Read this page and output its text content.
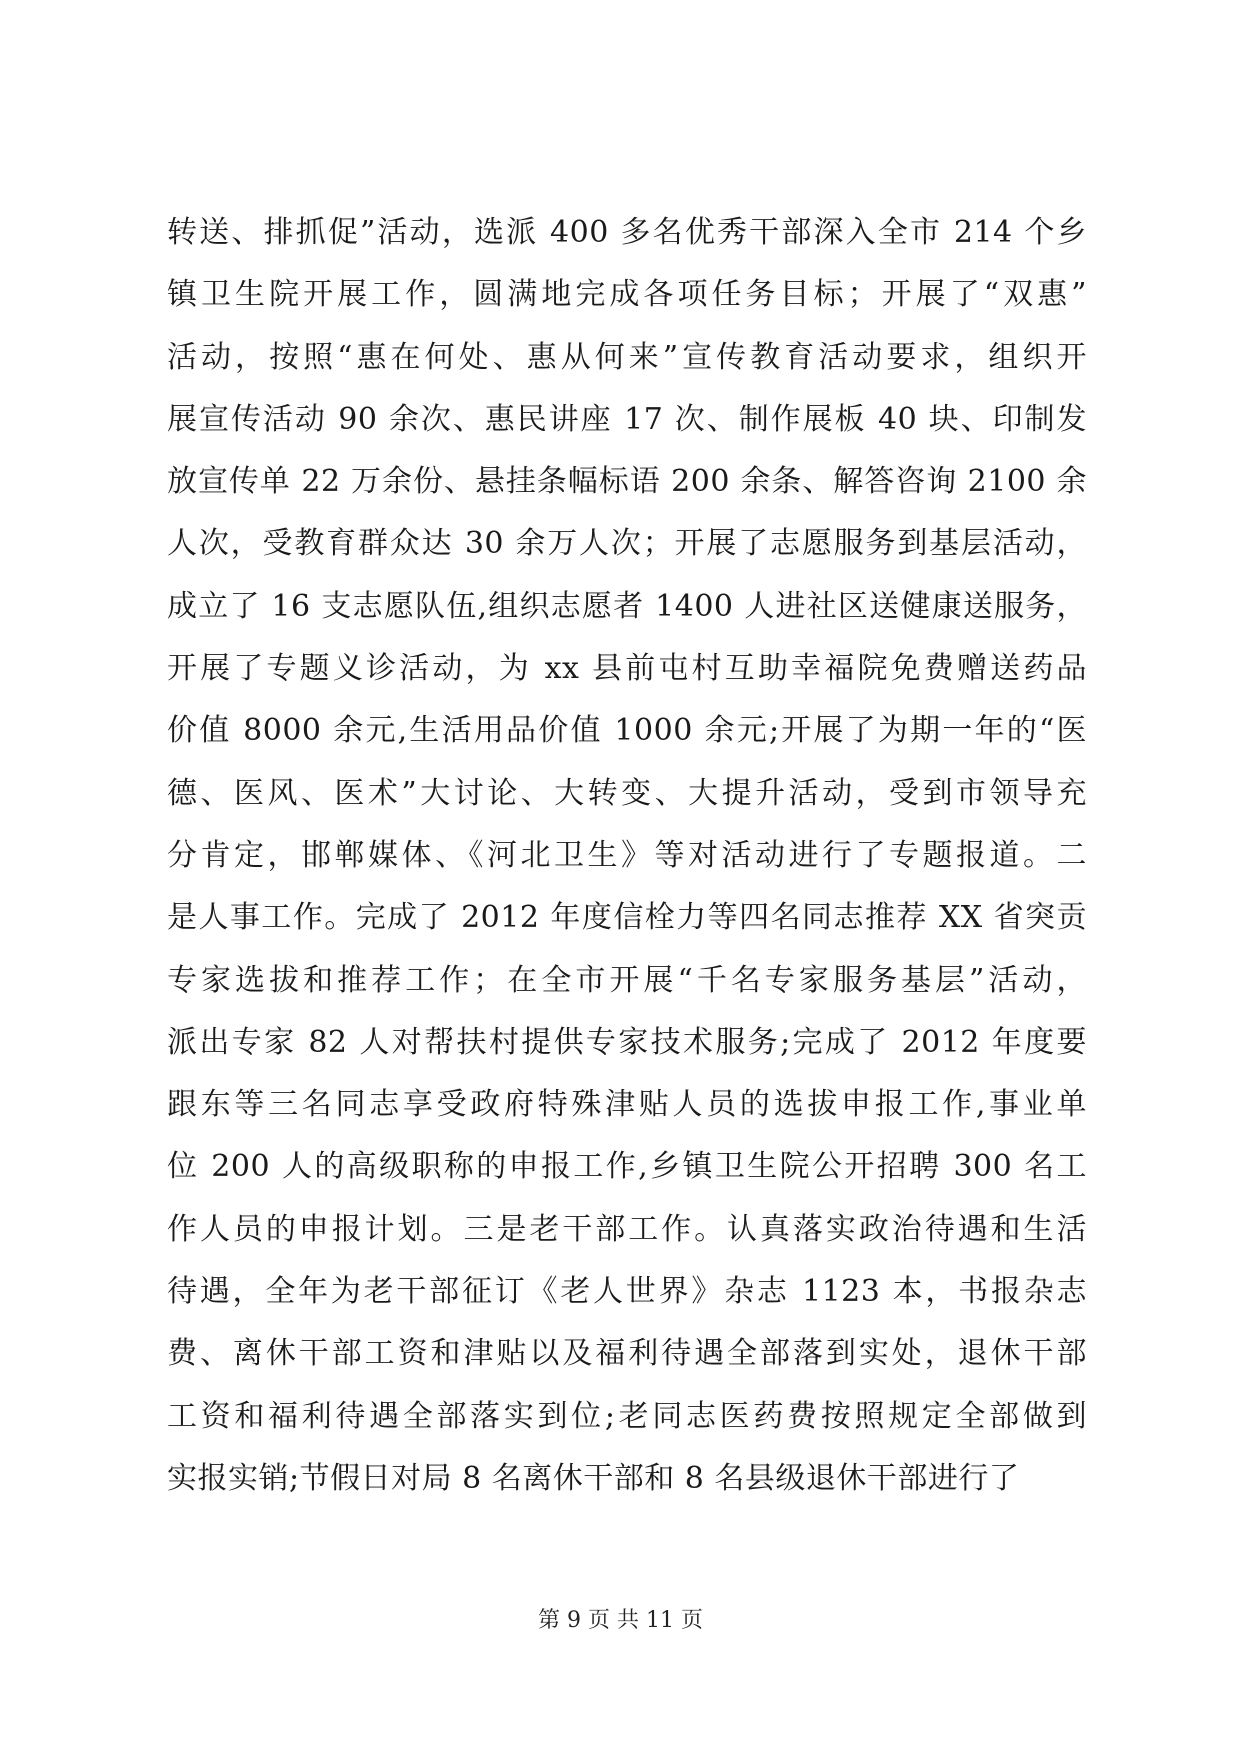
转送、排抓促”活动，选派 400 多名优秀干部深入全市 214 个乡
镇卫生院开展工作，圆满地完成各项任务目标；开展了“双惠”
活动，按照“惠在何处、惠从何来”宣传教育活动要求，组织开
展宣传活动 90 余次、惠民讲座 17 次、制作展板 40 块、印制发
放宣传单 22 万余份、悬挂条幅标语 200 余条、解答咨询 2100 余
人次，受教育群众达 30 余万人次；开展了志愿服务到基层活动，
成立了 16 支志愿队伍,组织志愿者 1400 人进社区送健康送服务，
开展了专题义诊活动，为 xx 县前屯村互助幸福院免费赠送药品
价值 8000 余元,生活用品价值 1000 余元;开展了为期一年的“医
德、医风、医术”大讨论、大转变、大提升活动，受到市领导充
分肯定，邯郸媒体、《河北卫生》等对活动进行了专题报道。二
是人事工作。完成了 2012 年度信栓力等四名同志推荐 XX 省突贡
专家选拔和推荐工作；在全市开展“千名专家服务基层”活动，
派出专家 82 人对帮扶村提供专家技术服务;完成了 2012 年度要
跟东等三名同志享受政府特殊津贴人员的选拔申报工作,事业单
位 200 人的高级职称的申报工作,乡镇卫生院公开招聘 300 名工
作人员的申报计划。三是老干部工作。认真落实政治待遇和生活
待遇，全年为老干部征订《老人世界》杂志 1123 本，书报杂志
费、离休干部工资和津贴以及福利待遇全部落到实处，退休干部
工资和福利待遇全部落实到位;老同志医药费按照规定全部做到
实报实销;节假日对局 8 名离休干部和 8 名县级退休干部进行了
第 9 页 共 11 页
